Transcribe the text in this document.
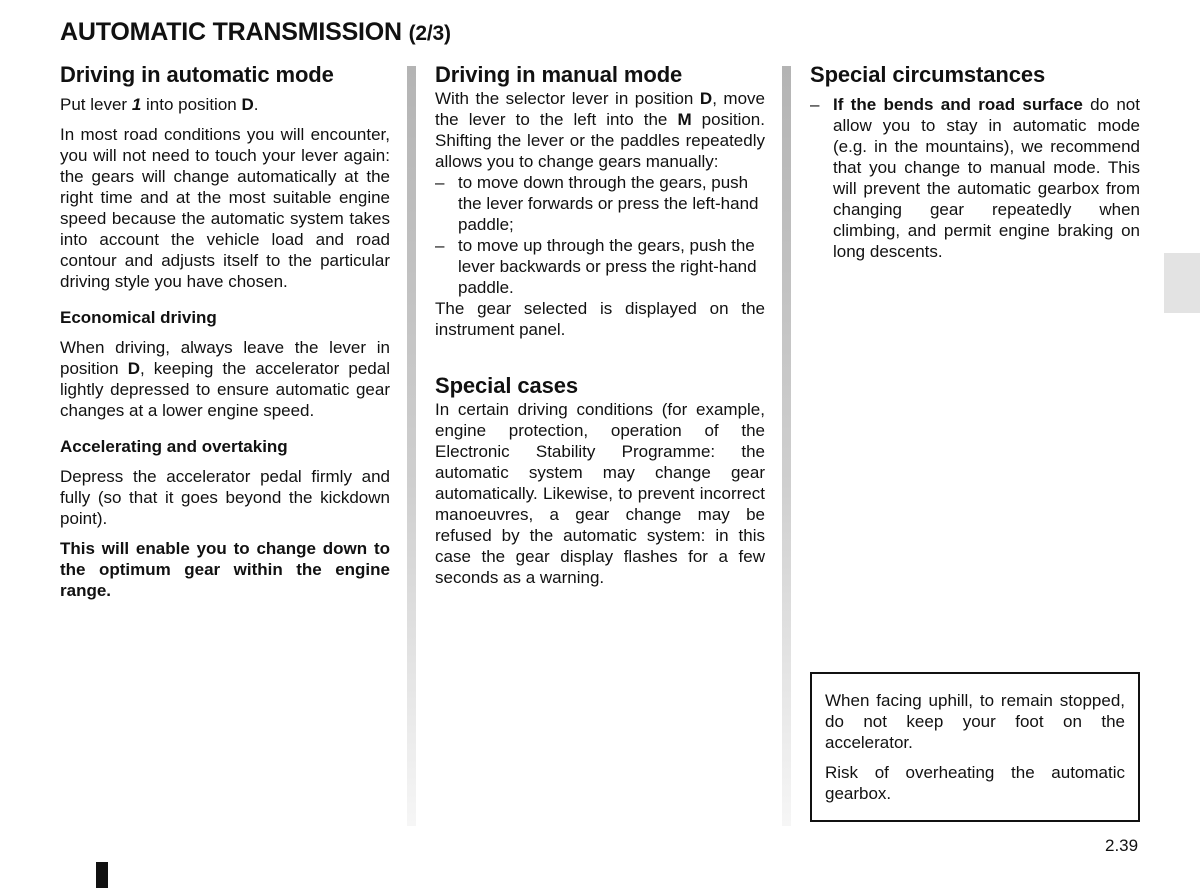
AUTOMATIC TRANSMISSION (2/3)
Driving in automatic mode

Put lever 1 into position D.

In most road conditions you will encounter, you will not need to touch your lever again: the gears will change automatically at the right time and at the most suitable engine speed because the automatic system takes into account the vehicle load and road contour and adjusts itself to the particular driving style you have chosen.

Economical driving

When driving, always leave the lever in position D, keeping the accelerator pedal lightly depressed to ensure automatic gear changes at a lower engine speed.

Accelerating and overtaking

Depress the accelerator pedal firmly and fully (so that it goes beyond the kickdown point).

This will enable you to change down to the optimum gear within the engine range.

Driving in manual mode

With the selector lever in position D, move the lever to the left into the M position. Shifting the lever or the paddles repeatedly allows you to change gears manually:

– to move down through the gears, push the lever forwards or press the left-hand paddle;
– to move up through the gears, push the lever backwards or press the right-hand paddle.

The gear selected is displayed on the instrument panel.

Special cases

In certain driving conditions (for example, engine protection, operation of the Electronic Stability Programme: the automatic system may change gear automatically. Likewise, to prevent incorrect manoeuvres, a gear change may be refused by the automatic system: in this case the gear display flashes for a few seconds as a warning.

Special circumstances
– If the bends and road surface do not allow you to stay in automatic mode (e.g. in the mountains), we recommend that you change to manual mode. This will prevent the automatic gearbox from changing gear repeatedly when climbing, and permit engine braking on long descents.

When facing uphill, to remain stopped, do not keep your foot on the accelerator.

Risk of overheating the automatic gearbox.

2.39
